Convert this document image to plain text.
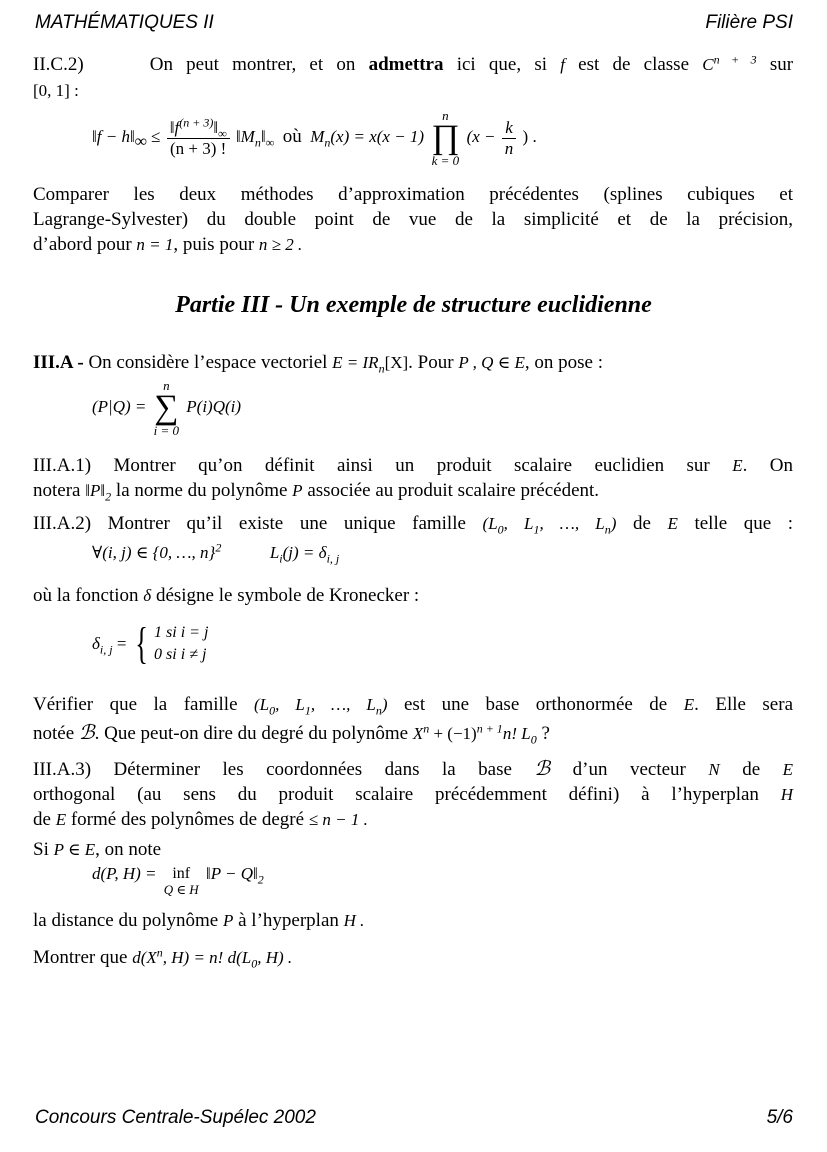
MATHÉMATIQUES II	Filière PSI
II.C.2)	On peut montrer, et on admettra ici que, si f est de classe $C^{n + 3}$ sur
[0, 1] :
‖f − $h‖_\infty \le \frac{‖f^{(n + 3)}‖_\infty}{(n + 3) !}$ $‖M_n‖_\infty$ où $M_n(x) = x(x - 1)$
n
∏
k = 0
($x - \frac{k}{n}$ ) .
Comparer les deux méthodes d’approximation précédentes (splines cubiques et
Lagrange-Sylvester) du double point de vue de la simplicité et de la précision,
d’abord pour n = 1, puis pour n ≥ 2 .
Partie III - Un exemple de structure euclidienne
III.A - On considère l’espace vectoriel $E = IR_n[X]$. Pour P , Q ∈ E, on pose :
(P|Q) =
n
∑
i = 0
P(i)Q(i)
III.A.1) Montrer qu’on définit ainsi un produit scalaire euclidien sur E. On
notera $‖P‖_2$ la norme du polynôme P associée au produit scalaire précédent.
III.A.2) Montrer qu’il existe une unique famille ($L_0$, $L_1$, …, $L_n$) de E telle que :
∀(i, j) ∈ {0, …, n}$^2$	$L_i(j) = \delta_{i, j}$
où la fonction δ désigne le symbole de Kronecker :
$\delta_{i, j}$ = { 1 si i = j
0 si i ≠ j
Vérifier que la famille ($L_0$, $L_1$, …, $L_n$) est une base orthonormée de E. Elle sera
notée ℬ. Que peut-on dire du degré du polynôme $X^n + (-1)^{n + 1}n$! $L_0$ ?
III.A.3) Déterminer les coordonnées dans la base ℬ d’un vecteur N de E
orthogonal (au sens du produit scalaire précédemment défini) à l’hyperplan H
de E formé des polynômes de degré ≤ n − 1 .
Si P ∈ E, on note
d(P, H) = inf
Q ∈ H
‖P − $Q‖_2$
la distance du polynôme P à l’hyperplan H .
Montrer que $d(X^n$, H) = n! $d(L_0$, H) .
Concours Centrale-Supélec 2002	5/6
